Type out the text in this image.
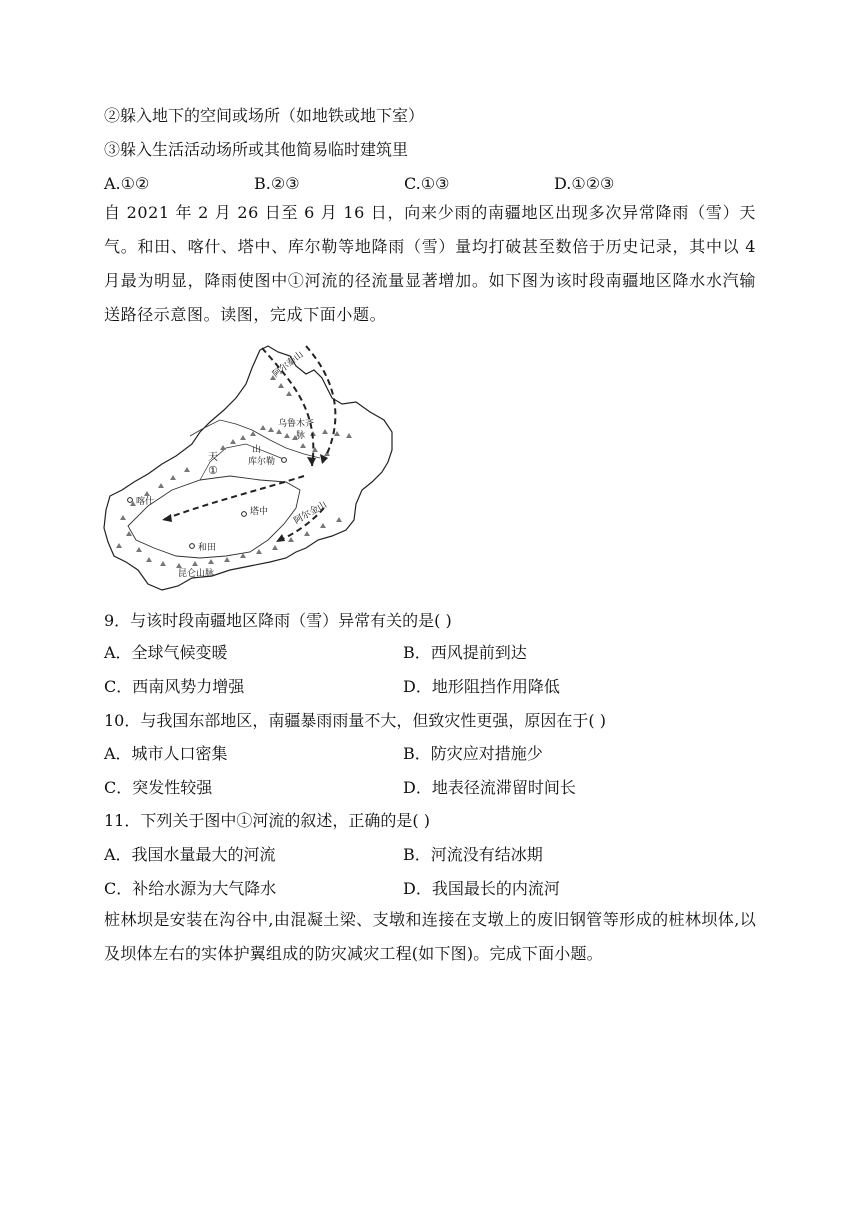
②躲入地下的空间或场所（如地铁或地下室）
③躲入生活活动场所或其他简易临时建筑里
A.①②	B.②③	C.①③	D.①②③
自 2021 年 2 月 26 日至 6 月 16 日，向来少雨的南疆地区出现多次异常降雨（雪）天气。和田、喀什、塔中、库尔勒等地降雨（雪）量均打破甚至数倍于历史记录，其中以 4 月最为明显，降雨使图中①河流的径流量显著增加。如下图为该时段南疆地区降水水汽输送路径示意图。读图，完成下面小题。
阿尔泰山
乌鲁木齐
脉
山
天
①
库尔勒
喀什
塔中	阿尔金山
和田
昆仑山脉
9．与该时段南疆地区降雨（雪）异常有关的是( )
A．全球气候变暖	B．西风提前到达
C．西南风势力增强	D．地形阻挡作用降低
10．与我国东部地区，南疆暴雨雨量不大，但致灾性更强，原因在于( )
A．城市人口密集	B．防灾应对措施少
C．突发性较强	D．地表径流滞留时间长
11．下列关于图中①河流的叙述，正确的是( )
A．我国水量最大的河流	B．河流没有结冰期
C．补给水源为大气降水	D．我国最长的内流河
桩林坝是安装在沟谷中,由混凝土梁、支墩和连接在支墩上的废旧钢管等形成的桩林坝体,以及坝体左右的实体护翼组成的防灾减灾工程(如下图)。完成下面小题。
